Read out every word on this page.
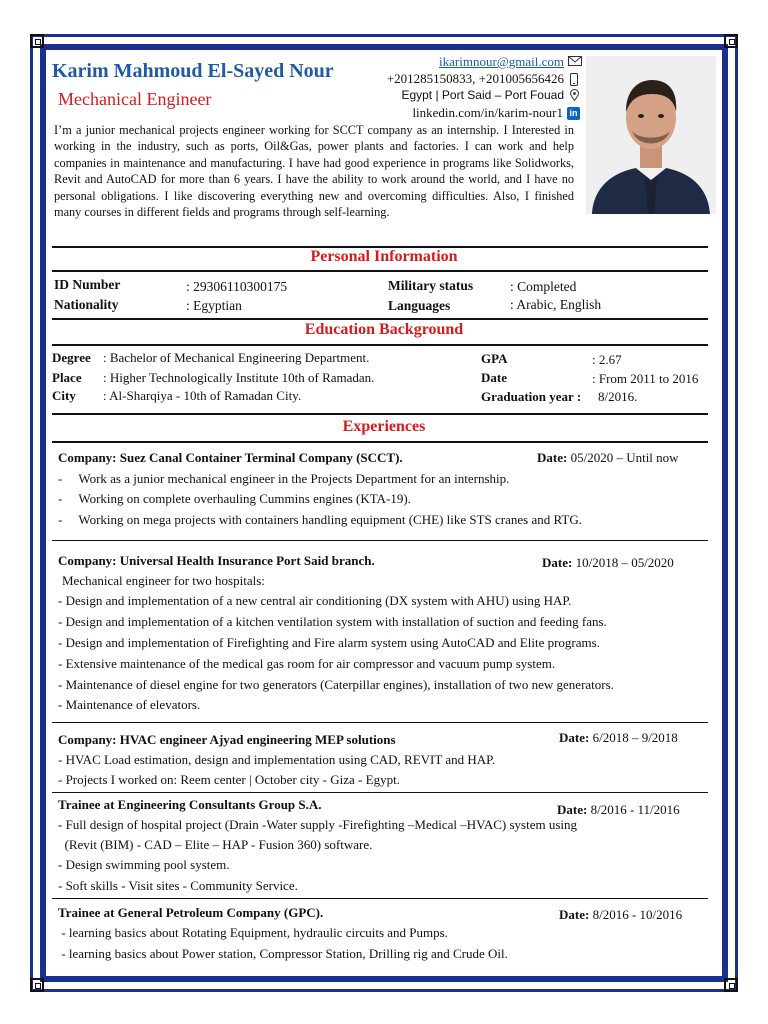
Karim Mahmoud El-Sayed Nour
Mechanical Engineer
ikarimnour@gmail.com
+201285150833, +201005656426
Egypt | Port Said – Port Fouad
linkedin.com/in/karim-nour1 in
I’m a junior mechanical projects engineer working for SCCT company as an internship. I Interested in working in the industry, such as ports, Oil&Gas, power plants and factories. I can work and help companies in maintenance and manufacturing. I have had good experience in programs like Solidworks, Revit and AutoCAD for more than 6 years. I have the ability to work around the world, and I have no personal obligations. I like discovering everything new and overcoming difficulties. Also, I finished many courses in different fields and programs through self-learning.
Personal Information
ID Number	: 29306110300175
Nationality	: Egyptian
Military status	: Completed
Languages	: Arabic, English
Education Background
Degree : Bachelor of Mechanical Engineering Department.
Place : Higher Technologically Institute 10th of Ramadan.
City : Al-Sharqiya - 10th of Ramadan City.
GPA	: 2.67
Date	: From 2011 to 2016
Graduation year : 8/2016.
Experiences
Company: Suez Canal Container Terminal Company (SCCT).	Date: 05/2020 – Until now
-     Work as a junior mechanical engineer in the Projects Department for an internship.
-     Working on complete overhauling Cummins engines (KTA-19).
-     Working on mega projects with containers handling equipment (CHE) like STS cranes and RTG.
Company: Universal Health Insurance Port Said branch.	Date: 10/2018 – 05/2020
Mechanical engineer for two hospitals:
- Design and implementation of a new central air conditioning (DX system with AHU) using HAP.
- Design and implementation of a kitchen ventilation system with installation of suction and feeding fans.
- Design and implementation of Firefighting and Fire alarm system using AutoCAD and Elite programs.
- Extensive maintenance of the medical gas room for air compressor and vacuum pump system.
- Maintenance of diesel engine for two generators (Caterpillar engines), installation of two new generators.
- Maintenance of elevators.
Company: HVAC engineer Ajyad engineering MEP solutions	Date: 6/2018 – 9/2018
- HVAC Load estimation, design and implementation using CAD, REVIT and HAP.
- Projects I worked on: Reem center | October city - Giza - Egypt.
Trainee at Engineering Consultants Group S.A.	Date: 8/2016 - 11/2016
- Full design of hospital project (Drain -Water supply -Firefighting –Medical –HVAC) system using
(Revit (BIM) - CAD – Elite – HAP - Fusion 360) software.
- Design swimming pool system.
- Soft skills - Visit sites - Community Service.
Trainee at General Petroleum Company (GPC).	Date: 8/2016 - 10/2016
- learning basics about Rotating Equipment, hydraulic circuits and Pumps.
- learning basics about Power station, Compressor Station, Drilling rig and Crude Oil.
